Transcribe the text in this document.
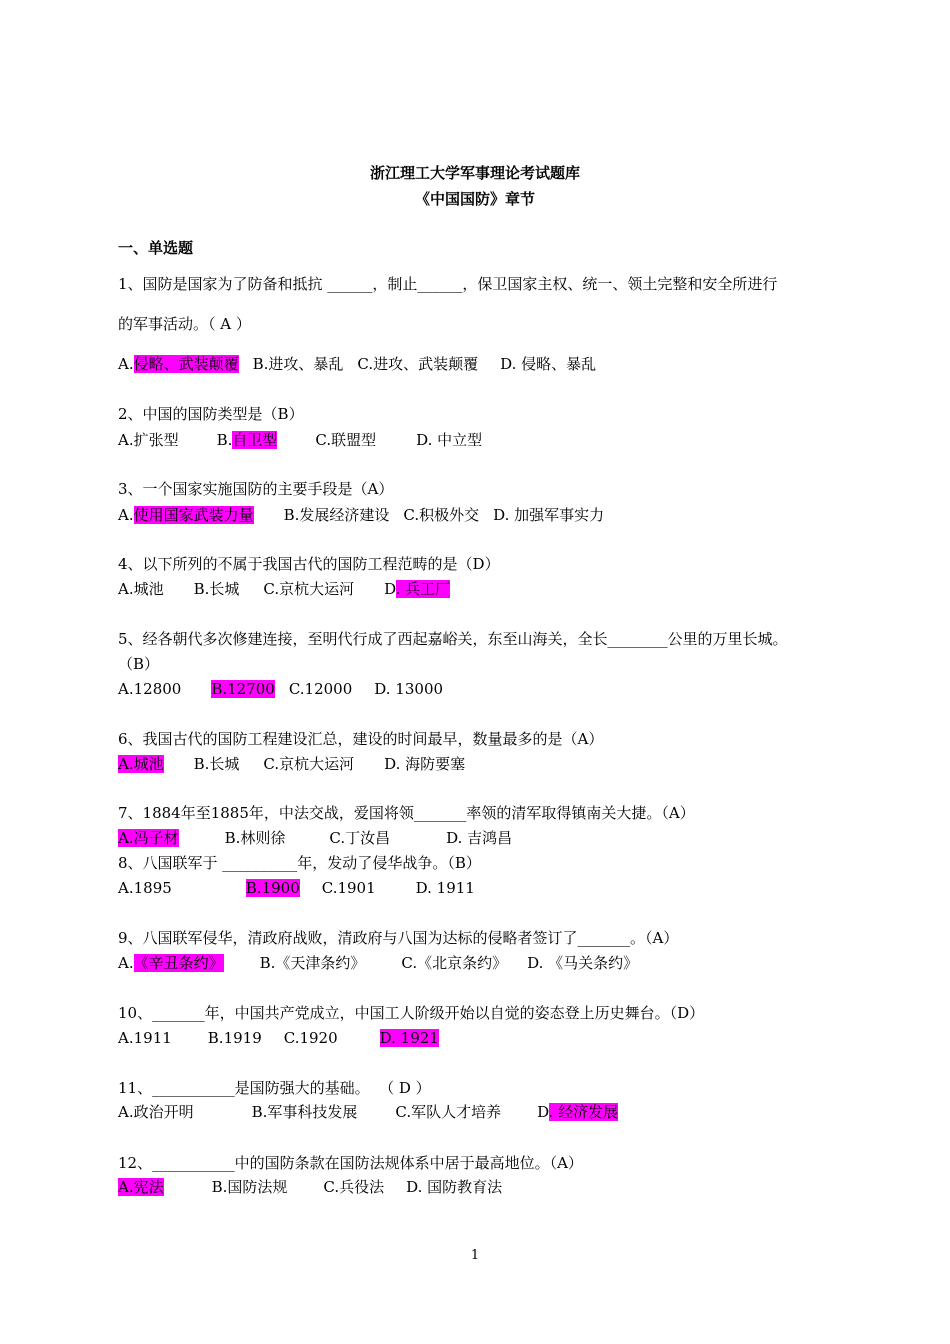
浙江理工大学军事理论考试题库
《中国国防》章节
一、单选题
1、国防是国家为了防备和抵抗 ______，制止______，保卫国家主权、统一、领土完整和安全所进行
的军事活动。（ A ）
A.侵略、武装颠覆 B.进攻、暴乱 C.进攻、武装颠覆 D. 侵略、暴乱
2、中国的国防类型是（B）
A.扩张型	B.自卫型	C.联盟型	D. 中立型
3、一个国家实施国防的主要手段是（A）
A.使用国家武装力量 B.发展经济建设 C.积极外交 D. 加强军事实力
4、以下所列的不属于我国古代的国防工程范畴的是（D）
A.城池 B.长城 C.京杭大运河 D. 兵工厂
5、经各朝代多次修建连接，至明代行成了西起嘉峪关，东至山海关，全长________公里的万里长城。
（B）
A.12800 B.12700 C.12000 D. 13000
6、我国古代的国防工程建设汇总，建设的时间最早，数量最多的是（A）
A.城池 B.长城 C.京杭大运河 D. 海防要塞
7、1884年至1885年，中法交战，爱国将领_______率领的清军取得镇南关大捷。（A）
A.冯子材	B.林则徐	C.丁汝昌	D. 吉鸿昌
8、八国联军于 __________年，发动了侵华战争。（B）
A.1895	B.1900 C.1901	D. 1911
9、八国联军侵华，清政府战败，清政府与八国为达标的侵略者签订了_______。（A）
A.《辛丑条约》 B.《天津条约》 C.《北京条约》 D. 《马关条约》
10、_______年，中国共产党成立，中国工人阶级开始以自觉的姿态登上历史舞台。（D）
A.1911 B.1919 C.1920	D. 1921
11、___________是国防强大的基础。  （ D ）
A.政治开明	B.军事科技发展	C.军队人才培养 D. 经济发展
12、___________中的国防条款在国防法规体系中居于最高地位。（A）
A.宪法	B.国防法规 C.兵役法 D. 国防教育法
1
